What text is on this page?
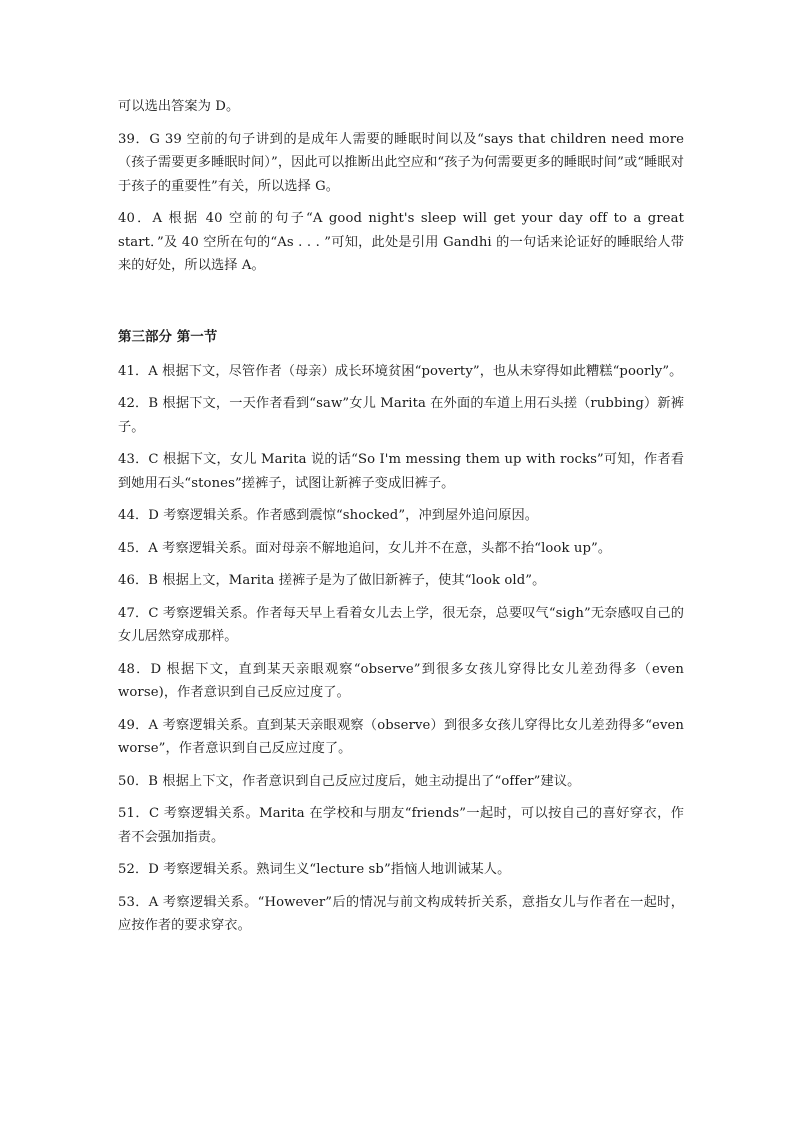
可以选出答案为 D。

39．G 39 空前的句子讲到的是成年人需要的睡眠时间以及“says that children need more（孩子需要更多睡眠时间）”，因此可以推断出此空应和“孩子为何需要更多的睡眠时间”或“睡眠对于孩子的重要性”有关，所以选择 G。

40．A 根据 40 空前的句子“A good night's sleep will get your day off to a great start．”及 40 空所在句的“As . . . ”可知，此处是引用 Gandhi 的一句话来论证好的睡眠给人带来的好处，所以选择 A。

第三部分 第一节

41．A 根据下文，尽管作者（母亲）成长环境贫困“poverty”，也从未穿得如此糟糕“poorly”。

42．B 根据下文，一天作者看到“saw”女儿 Marita 在外面的车道上用石头搓（rubbing）新裤子。

43．C 根据下文，女儿 Marita 说的话“So I'm messing them up with rocks”可知，作者看到她用石头“stones”搓裤子，试图让新裤子变成旧裤子。

44．D 考察逻辑关系。作者感到震惊“shocked”，冲到屋外追问原因。

45．A 考察逻辑关系。面对母亲不解地追问，女儿并不在意，头都不抬“look up”。

46．B 根据上文，Marita 搓裤子是为了做旧新裤子，使其“look old”。

47．C 考察逻辑关系。作者每天早上看着女儿去上学，很无奈，总要叹气“sigh”无奈感叹自己的女儿居然穿成那样。

48．D 根据下文，直到某天亲眼观察“observe”到很多女孩儿穿得比女儿差劲得多（even worse)，作者意识到自己反应过度了。

49．A 考察逻辑关系。直到某天亲眼观察（observe）到很多女孩儿穿得比女儿差劲得多“even worse”，作者意识到自己反应过度了。

50．B 根据上下文，作者意识到自己反应过度后，她主动提出了“offer”建议。

51．C 考察逻辑关系。Marita 在学校和与朋友“friends”一起时，可以按自己的喜好穿衣，作者不会强加指责。

52．D 考察逻辑关系。熟词生义“lecture sb”指恼人地训诫某人。

53．A 考察逻辑关系。“However”后的情况与前文构成转折关系，意指女儿与作者在一起时，应按作者的要求穿衣。
